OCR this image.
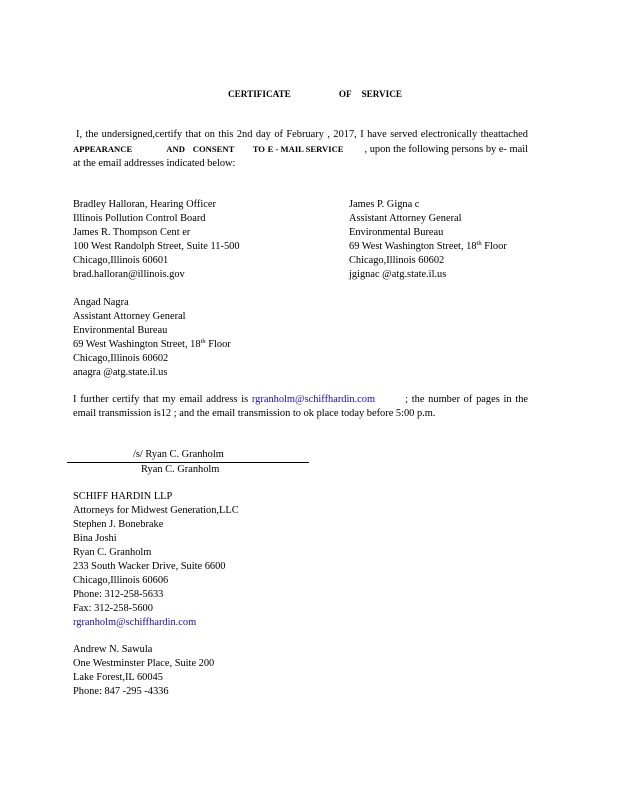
CERTIFICATE	OF SERVICE
I, the undersigned,certify that on this 2nd day of February , 2017, I have served electronically theattached APPEARANCE	AND CONSENT TO E - MAIL SERVICE , upon the following persons by e- mail at the email addresses indicated below:
Bradley Halloran, Hearing Officer
Illinois Pollution Control Board
James R. Thompson Cent er
100 West Randolph Street, Suite 11-500
Chicago,Illinois 60601
brad.halloran@illinois.gov
James P. Gigna c
Assistant Attorney General
Environmental Bureau
69 West Washington Street, 18th Floor
Chicago,Illinois 60602
jgignac @atg.state.il.us
Angad Nagra
Assistant Attorney General
Environmental Bureau
69 West Washington Street, 18th Floor
Chicago,Illinois 60602
anagra @atg.state.il.us
I further certify that my email address is rgranholm@schiffhardin.com	; the number of pages in the email transmission is12 ; and the email transmission to ok place today before 5:00 p.m.
/s/ Ryan C. Granholm
Ryan C. Granholm
SCHIFF HARDIN LLP
Attorneys for Midwest Generation,LLC
Stephen J. Bonebrake
Bina Joshi
Ryan C. Granholm
233 South Wacker Drive, Suite 6600
Chicago,Illinois 60606
Phone: 312-258-5633
Fax: 312-258-5600
rgranholm@schiffhardin.com
Andrew N. Sawula
One Westminster Place, Suite 200
Lake Forest,IL 60045
Phone: 847 -295 -4336
